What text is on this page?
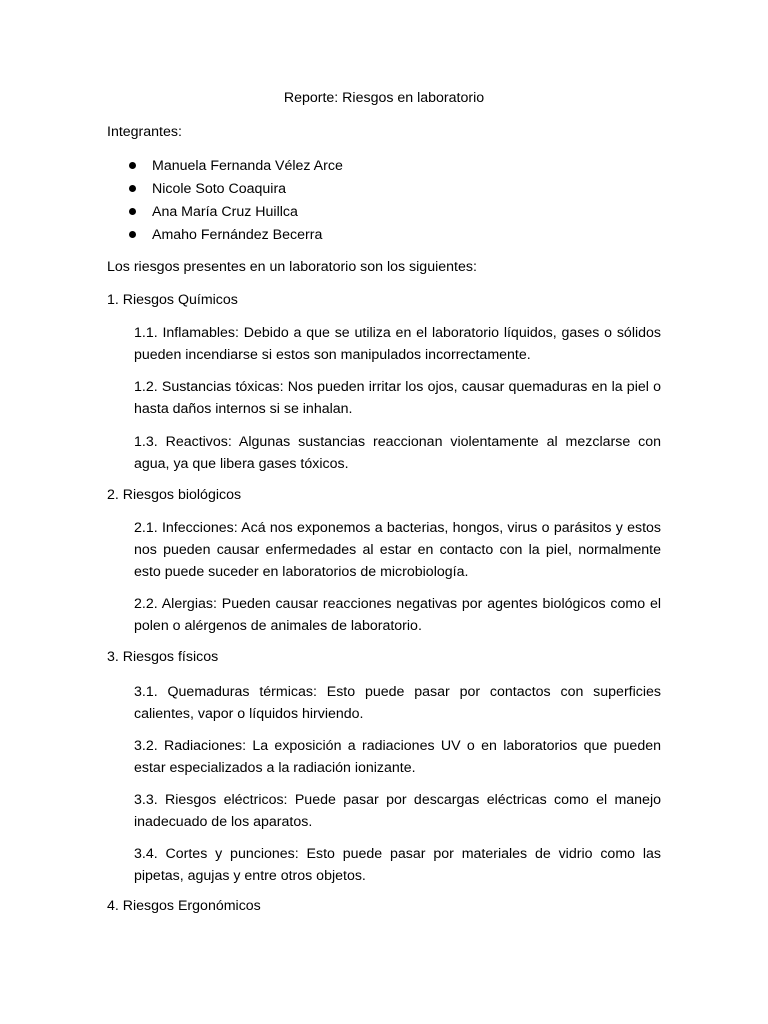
Reporte: Riesgos en laboratorio
Integrantes:
Manuela Fernanda Vélez Arce
Nicole Soto Coaquira
Ana María Cruz Huillca
Amaho Fernández Becerra
Los riesgos presentes en un laboratorio son los siguientes:
1. Riesgos Químicos
1.1. Inflamables: Debido a que se utiliza en el laboratorio líquidos, gases o sólidos pueden incendiarse si estos son manipulados incorrectamente.
1.2. Sustancias tóxicas: Nos pueden irritar los ojos, causar quemaduras en la piel o hasta daños internos si se inhalan.
1.3. Reactivos: Algunas sustancias reaccionan violentamente al mezclarse con agua, ya que libera gases tóxicos.
2. Riesgos biológicos
2.1. Infecciones: Acá nos exponemos a bacterias, hongos, virus o parásitos y estos nos pueden causar enfermedades al estar en contacto con la piel, normalmente esto puede suceder en laboratorios de microbiología.
2.2. Alergias: Pueden causar reacciones negativas por agentes biológicos como el polen o alérgenos de animales de laboratorio.
3. Riesgos físicos
3.1. Quemaduras térmicas: Esto puede pasar por contactos con superficies calientes, vapor o líquidos hirviendo.
3.2. Radiaciones: La exposición a radiaciones UV o en laboratorios que pueden estar especializados a la radiación ionizante.
3.3. Riesgos eléctricos: Puede pasar por descargas eléctricas como el manejo inadecuado de los aparatos.
3.4. Cortes y punciones: Esto puede pasar por materiales de vidrio como las pipetas, agujas y entre otros objetos.
4. Riesgos Ergonómicos
